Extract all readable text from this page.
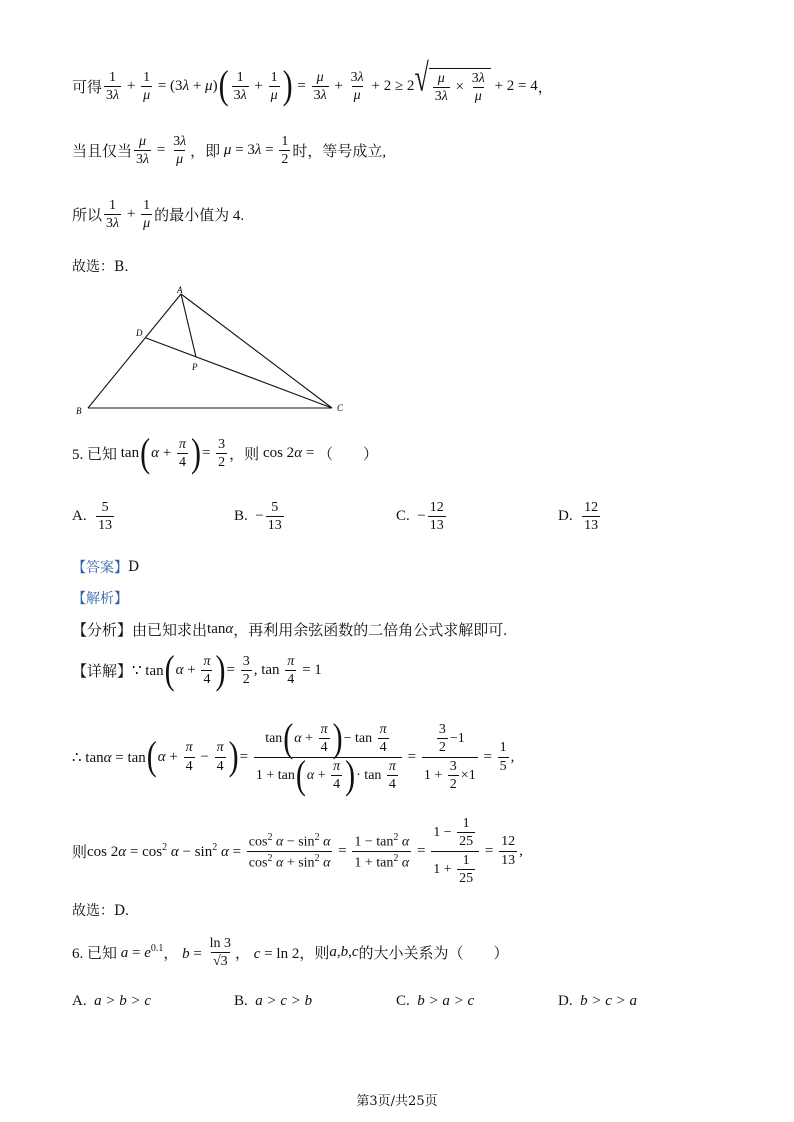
可得 $\frac{1}{3\lambda} + \frac{1}{\mu} = (3\lambda + \mu)$ ( $\frac{1}{3\lambda} + \frac{1}{\mu}$ ) = $\frac{\mu}{3\lambda} + \frac{3\lambda}{\mu} + 2 \ge 2$ √ $\frac{\mu}{3\lambda} \times \frac{3\lambda}{\mu} + 2 = 4$ ，
当且仅当 $\frac{\mu}{3\lambda} = \frac{3\lambda}{\mu}$ ，即 $\mu = 3\lambda = \frac{1}{2}$ 时，等号成立,
所以 $\frac{1}{3\lambda} + \frac{1}{\mu}$ 的最小值为 4.
故选：B.
A
B	C
D
P
5. 已知 tan ( $\alpha + \frac{\pi}{4}$ ) = $\frac{3}{2}$ ，则 cos 2α = （　　）
A.
$\frac{5}{13}$	B.
− $\frac{5}{13}$	C.
− $\frac{12}{13}$	D.
$\frac{12}{13}$
【答案】 D
【解析】
【分析】 由已知求出 tanα ，再利用余弦函数的二倍角公式求解即可.
【详解】 ∵ tan ( $\alpha + \frac{\pi}{4}$ ) = $\frac{3}{2}$ , $\tan \frac{\pi}{4} = 1$
∴ tanα = tan ( $\alpha + \frac{\pi}{4} - \frac{\pi}{4}$ ) = $\frac{\tan ( \alpha + \frac{\pi}{4} ) - \tan \frac{\pi}{4}}{1 + \tan ( \alpha + \frac{\pi}{4} ) \cdot \tan \frac{\pi}{4}} = \frac{\frac{3}{2} -1}{1 + \frac{3}{2} \times 1} = \frac{1}{5}$ ,
则 $\cos 2\alpha = \cos^2 \alpha - \sin^2 \alpha = \frac{\cos^2 \alpha - \sin^2 \alpha}{\cos^2 \alpha + \sin^2 \alpha} = \frac{1 - \tan^2 \alpha}{1 + \tan^2 \alpha} = \frac{1 - \frac{1}{25}}{1 + \frac{1}{25}} = \frac{12}{13}$ ,
故选：D.
6. 已知 $a = e^{0.1}$ ， $b = \frac{\ln 3}{√3}$ ， c = ln 2 ，则 a , b , c 的大小关系为（　　）
A.
a > b > c	B.
a > c > b	C.
b > a > c	D.
b > c > a
第3页/共25页
